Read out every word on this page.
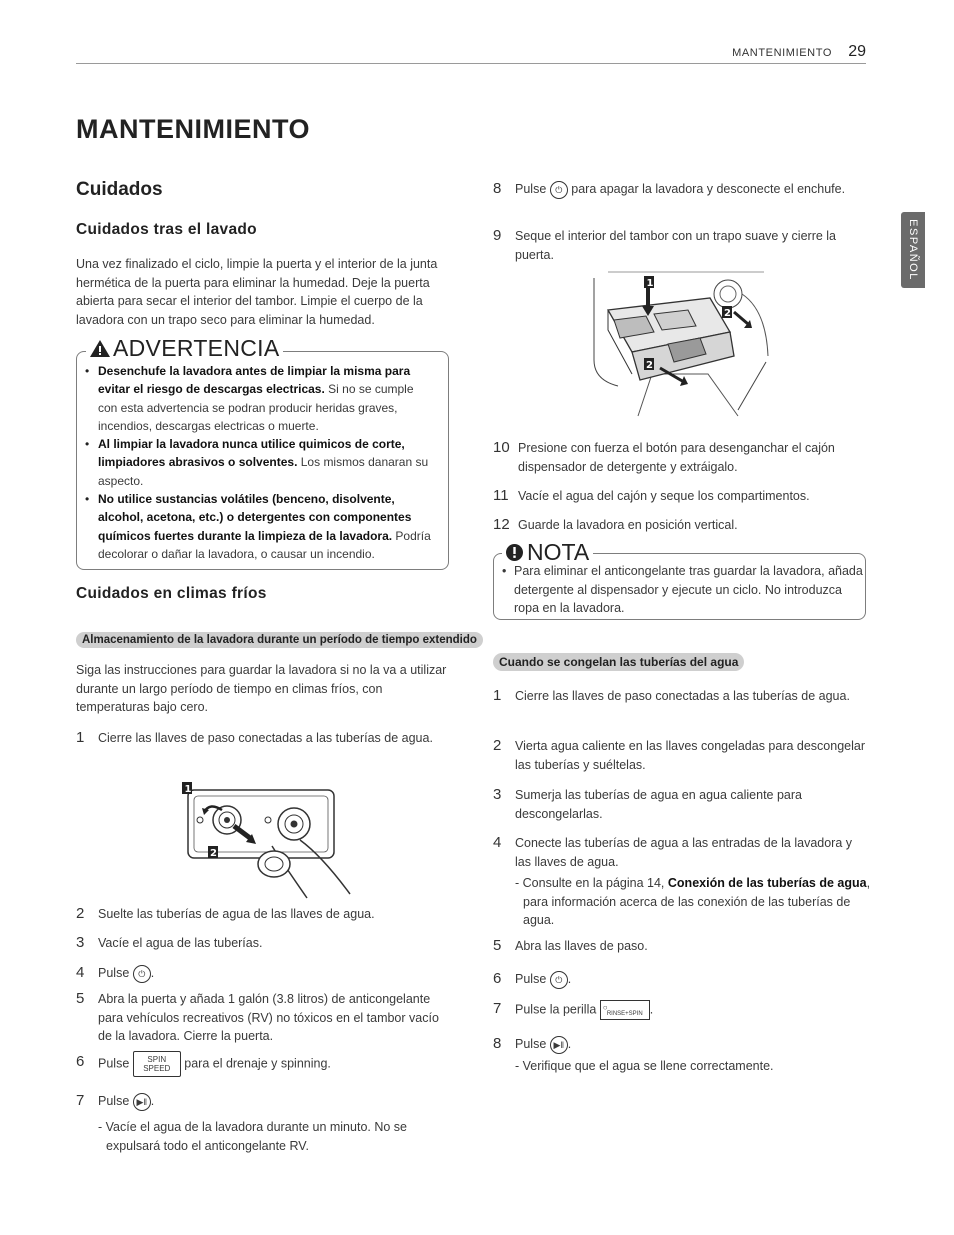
MANTENIMIENTO 29
ESPAÑOL
MANTENIMIENTO
Cuidados
Cuidados tras el lavado
Una vez finalizado el ciclo, limpie la puerta y el interior de la junta hermética de la puerta para eliminar la humedad. Deje la puerta abierta para secar el interior del tambor. Limpie el cuerpo de la lavadora con un trapo seco para eliminar la humedad.
ADVERTENCIA
• Desenchufe la lavadora antes de limpiar la misma para evitar el riesgo de descargas electricas. Si no se cumple con esta advertencia se podran producir heridas graves, incendios, descargas electricas o muerte.
• Al limpiar la lavadora nunca utilice quimicos de corte, limpiadores abrasivos o solventes. Los mismos danaran su aspecto.
• No utilice sustancias volátiles (benceno, disolvente, alcohol, acetona, etc.) o detergentes con componentes químicos fuertes durante la limpieza de la lavadora. Podría decolorar o dañar la lavadora, o causar un incendio.
Cuidados en climas fríos
Almacenamiento de la lavadora durante un período de tiempo extendido
Siga las instrucciones para guardar la lavadora si no la va a utilizar durante un largo período de tiempo en climas fríos, con temperaturas bajo cero.
1 Cierre las llaves de paso conectadas a las tuberías de agua.
1
2
2 Suelte las tuberías de agua de las llaves de agua.
3 Vacíe el agua de las tuberías.
4 Pulse ⏻ .
5 Abra la puerta y añada 1 galón (3.8 litros) de anticongelante para vehículos recreativos (RV) no tóxicos en el tambor vacío de la lavadora. Cierre la puerta.
6 Pulse SPIN SPEED para el drenaje y spinning.
7 Pulse ▶‖ .
- Vacíe el agua de la lavadora durante un minuto. No se expulsará todo el anticongelante RV.
8 Pulse ⏻ para apagar la lavadora y desconecte el enchufe.
9 Seque el interior del tambor con un trapo suave y cierre la puerta.
1
2
2
10 Presione con fuerza el botón para desenganchar el cajón dispensador de detergente y extráigalo.
11 Vacíe el agua del cajón y seque los compartimentos.
12 Guarde la lavadora en posición vertical.
NOTA
• Para eliminar el anticongelante tras guardar la lavadora, añada detergente al dispensador y ejecute un ciclo. No introduzca ropa en la lavadora.
Cuando se congelan las tuberías del agua
1 Cierre las llaves de paso conectadas a las tuberías de agua.
2 Vierta agua caliente en las llaves congeladas para descongelar las tuberías y suéltelas.
3 Sumerja las tuberías de agua en agua caliente para descongelarlas.
4 Conecte las tuberías de agua a las entradas de la lavadora y las llaves de agua.
- Consulte en la página 14, Conexión de las tuberías de agua, para información acerca de las conexión de las tuberías de agua.
5 Abra las llaves de paso.
6 Pulse ⏻ .
7 Pulse la perilla ○
RINSE+SPIN .
8 Pulse ▶‖ .
- Verifique que el agua se llene correctamente.
